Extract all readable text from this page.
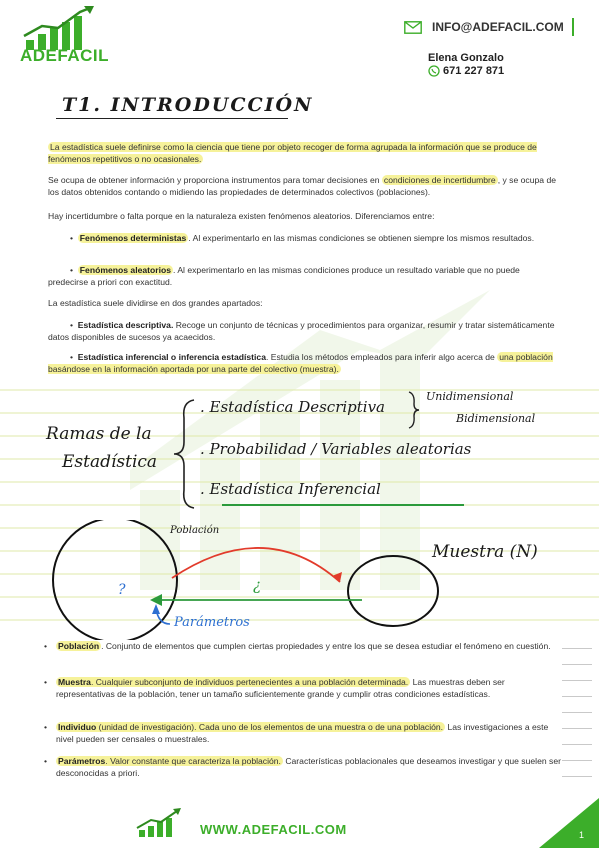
ADEFACIL
INFO@ADEFACIL.COM
Elena Gonzalo
671 227 871
T1. INTRODUCCIÓN
La estadística suele definirse como la ciencia que tiene por objeto recoger de forma agrupada la información que se produce de fenómenos repetitivos o no ocasionales.
Se ocupa de obtener información y proporciona instrumentos para tomar decisiones en condiciones de incertidumbre , y se ocupa de los datos obtenidos contando o midiendo las propiedades de determinados colectivos (poblaciones).
Hay incertidumbre o falta porque en la naturaleza existen fenómenos aleatorios. Diferenciamos entre:
•  Fenómenos deterministas . Al experimentarlo en las mismas condiciones se obtienen siempre los mismos resultados.
•  Fenómenos aleatorios . Al experimentarlo en las mismas condiciones produce un resultado variable que no puede predecirse a priori con exactitud.
La estadística suele dividirse en dos grandes apartados:
•  Estadística descriptiva. Recoge un conjunto de técnicas y procedimientos para organizar, resumir y tratar sistemáticamente datos disponibles de sucesos ya acaecidos.
•  Estadística inferencial o inferencia estadística. Estudia los métodos empleados para inferir algo acerca de una población basándose en la información aportada por una parte del colectivo (muestra).
Ramas de la
Estadística
. Estadística Descriptiva
Unidimensional
Bidimensional
. Probabilidad / Variables aleatorias
. Estadística Inferencial
Población
Muestra (N)
?	¿
Parámetros
• Población . Conjunto de elementos que cumplen ciertas propiedades y entre los que se desea estudiar el fenómeno en cuestión.
• Muestra. Cualquier subconjunto de individuos pertenecientes a una población determinada. Las muestras deben ser representativas de la población, tener un tamaño suficientemente grande y cumplir otras condiciones estadísticas.
• Individuo (unidad de investigación). Cada uno de los elementos de una muestra o de una población. Las investigaciones a este nivel pueden ser censales o muestrales.
• Parámetros. Valor constante que caracteriza la población. Características poblacionales que deseamos investigar y que suelen ser desconocidas a priori.
WWW.ADEFACIL.COM	1
